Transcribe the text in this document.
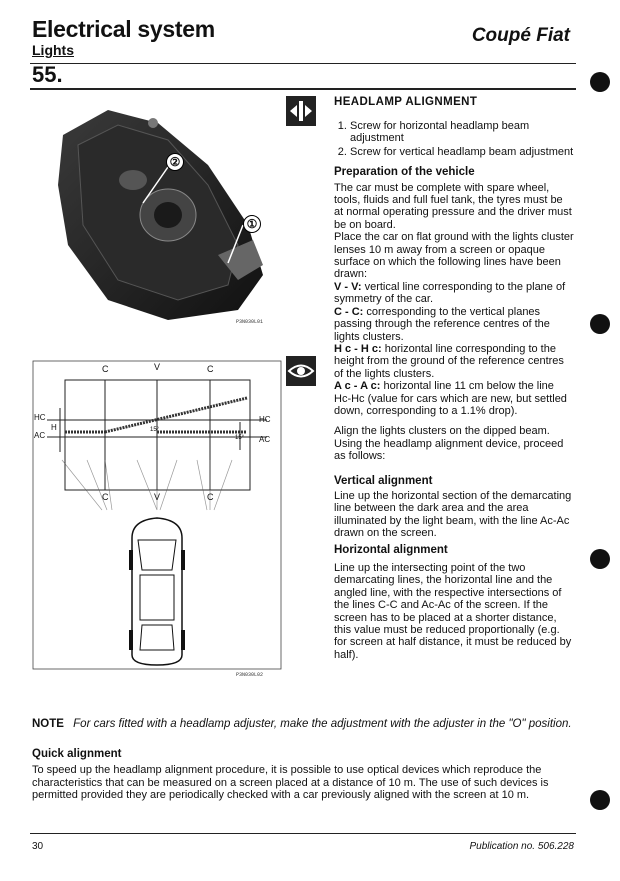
Electrical system
Lights
Coupé Fiat
55.
②
①
P3N030L01
C	V	C
HC
AC
H
HC
AC
15°
15°
C	V	C
P3N030L02
HEADLAMP ALIGNMENT
1. Screw for horizontal headlamp beam adjustment
2. Screw for vertical headlamp beam adjustment

Preparation of the vehicle

The car must be complete with spare wheel, tools, fluids and full fuel tank, the tyres must be at normal operating pressure and the driver must be on board.

Place the car on flat ground with the lights cluster lenses 10 m away from a screen or opaque surface on which the following lines have been drawn:

V - V: vertical line corresponding to the plane of symmetry of the car.

C - C: corresponding to the vertical planes passing through the reference centres of the lights clusters.

H c - H c: horizontal line corresponding to the height from the ground of the reference centres of the lights clusters.

A c - A c: horizontal line 11 cm below the line Hc-Hc (value for cars which are new, but settled down, corresponding to a 1.1% drop).

Align the lights clusters on the dipped beam. Using the headlamp alignment device, proceed as follows:

Vertical alignment

Line up the horizontal section of the demarcating line between the dark area and the area illuminated by the light beam, with the line Ac-Ac drawn on the screen.

Horizontal alignment

Line up the intersecting point of the two demarcating lines, the horizontal line and the angled line, with the respective intersections of the lines C-C and Ac-Ac of the screen. If the screen has to be placed at a shorter distance, this value must be reduced proportionally (e.g. for screen at half distance, it must be reduced by half).

NOTE For cars fitted with a headlamp adjuster, make the adjustment with the adjuster in the "O" position.
Quick alignment
To speed up the headlamp alignment procedure, it is possible to use optical devices which reproduce the characteristics that can be measured on a screen placed at a distance of 10 m. The use of such devices is permitted provided they are periodically checked with a car previously aligned with the screen at 10 m.
30	Publication no. 506.228
